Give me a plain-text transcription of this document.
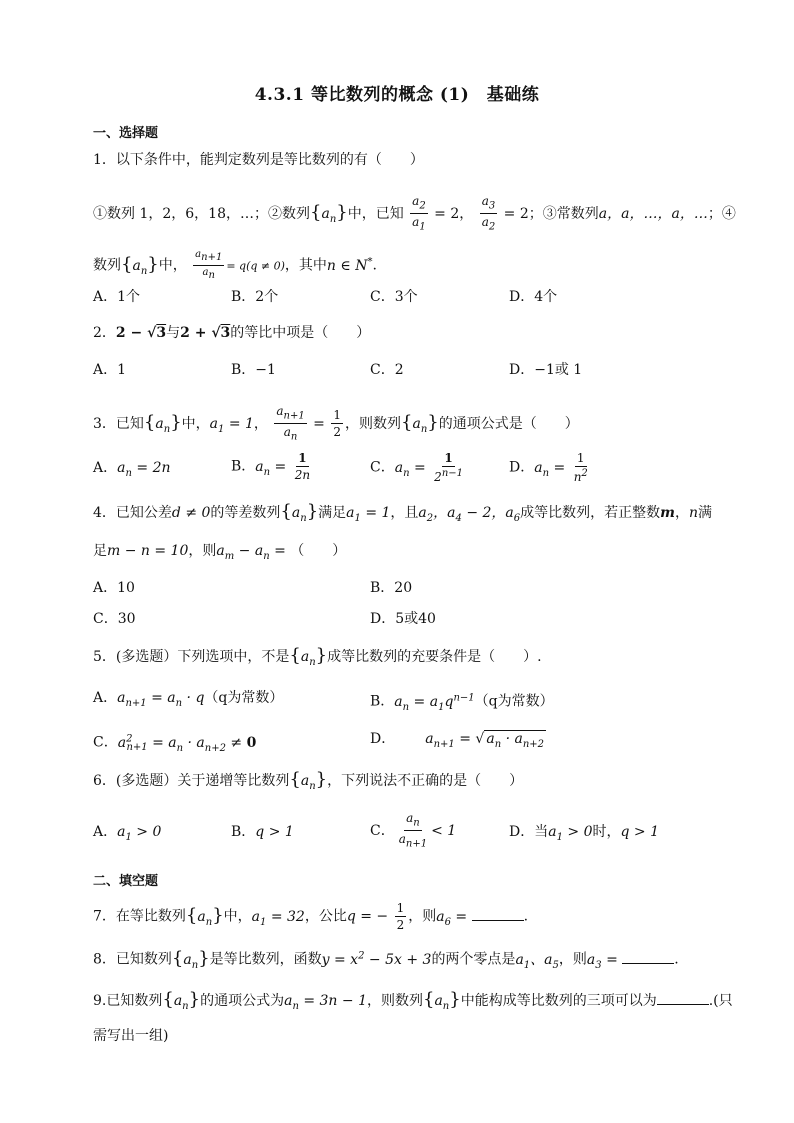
4.3.1 等比数列的概念 (1)　基础练
一、选择题
1．以下条件中，能判定数列是等比数列的有（　　）
①数列 1，2，6，18，…；②数列$\{a_n\}$中，已知 $\frac{a_2}{a_1} = 2$， $\frac{a_3}{a_2} = 2$；③常数列a，a，…，a，…；④
数列$\{a_n\}$中， $\frac{a_{n+1}}{a_n} = q(q \ne 0)$，其中n ∈ N*.
A．1个	B．2个	C．3个	D．4个
2．2 − √3与2 + √3的等比中项是（　　）
A．1	B．−1	C．2	D．−1或 1
3．已知$\{a_n\}$中，$a_1 = 1$， $\frac{a_{n+1}}{a_n} = \frac{1}{2}$ ，则数列$\{a_n\}$的通项公式是（　　）
A．$a_n = 2n$	B．$a_n = \frac{1}{2n}$	C．$a_n = \frac{1}{2^{n-1}}$	D．$a_n = \frac{1}{n^2}$
4．已知公差d ≠ 0的等差数列$\{a_n\}$满足$a_1 = 1$，且$a_2$，$a_4 - 2$，$a_6$成等比数列，若正整数m，n满
足m − n = 10，则$a_m - a_n$ = （　　）
A．10	B．20
C．30	D．5或40
5．(多选题）下列选项中，不是$\{a_n\}$成等比数列的充要条件是（　　）.
A．$a_{n+1} = a_n \cdot q(q$为常数）	B．$a_n = a_1q^{n-1}(q$为常数）
C．$a^2_{n+1} = a_n \cdot a_{n+2} \ne 0$	D． $a_{n+1}$ = √ $a_n \cdot a_{n+2}$
6．(多选题）关于递增等比数列$\{a_n\}$，下列说法不正确的是（　　）
A．$a_1 > 0$	B．q > 1	C． $\frac{a_n}{a_{n+1}} < 1$	D．当$a_1 > 0$时，q > 1
二、填空题
7．在等比数列$\{a_n\}$中，$a_1 = 32$，公比q = − $\frac{1}{2}$ ，则$a_6$ =	.
8．已知数列$\{a_n\}$是等比数列，函数$y = x^2 - 5x + 3$的两个零点是$a_1$、$a_5$，则$a_3$ =	.
9.已知数列$\{a_n\}$的通项公式为$a_n = 3n - 1$，则数列$\{a_n\}$中能构成等比数列的三项可以为	.(只
需写出一组)
